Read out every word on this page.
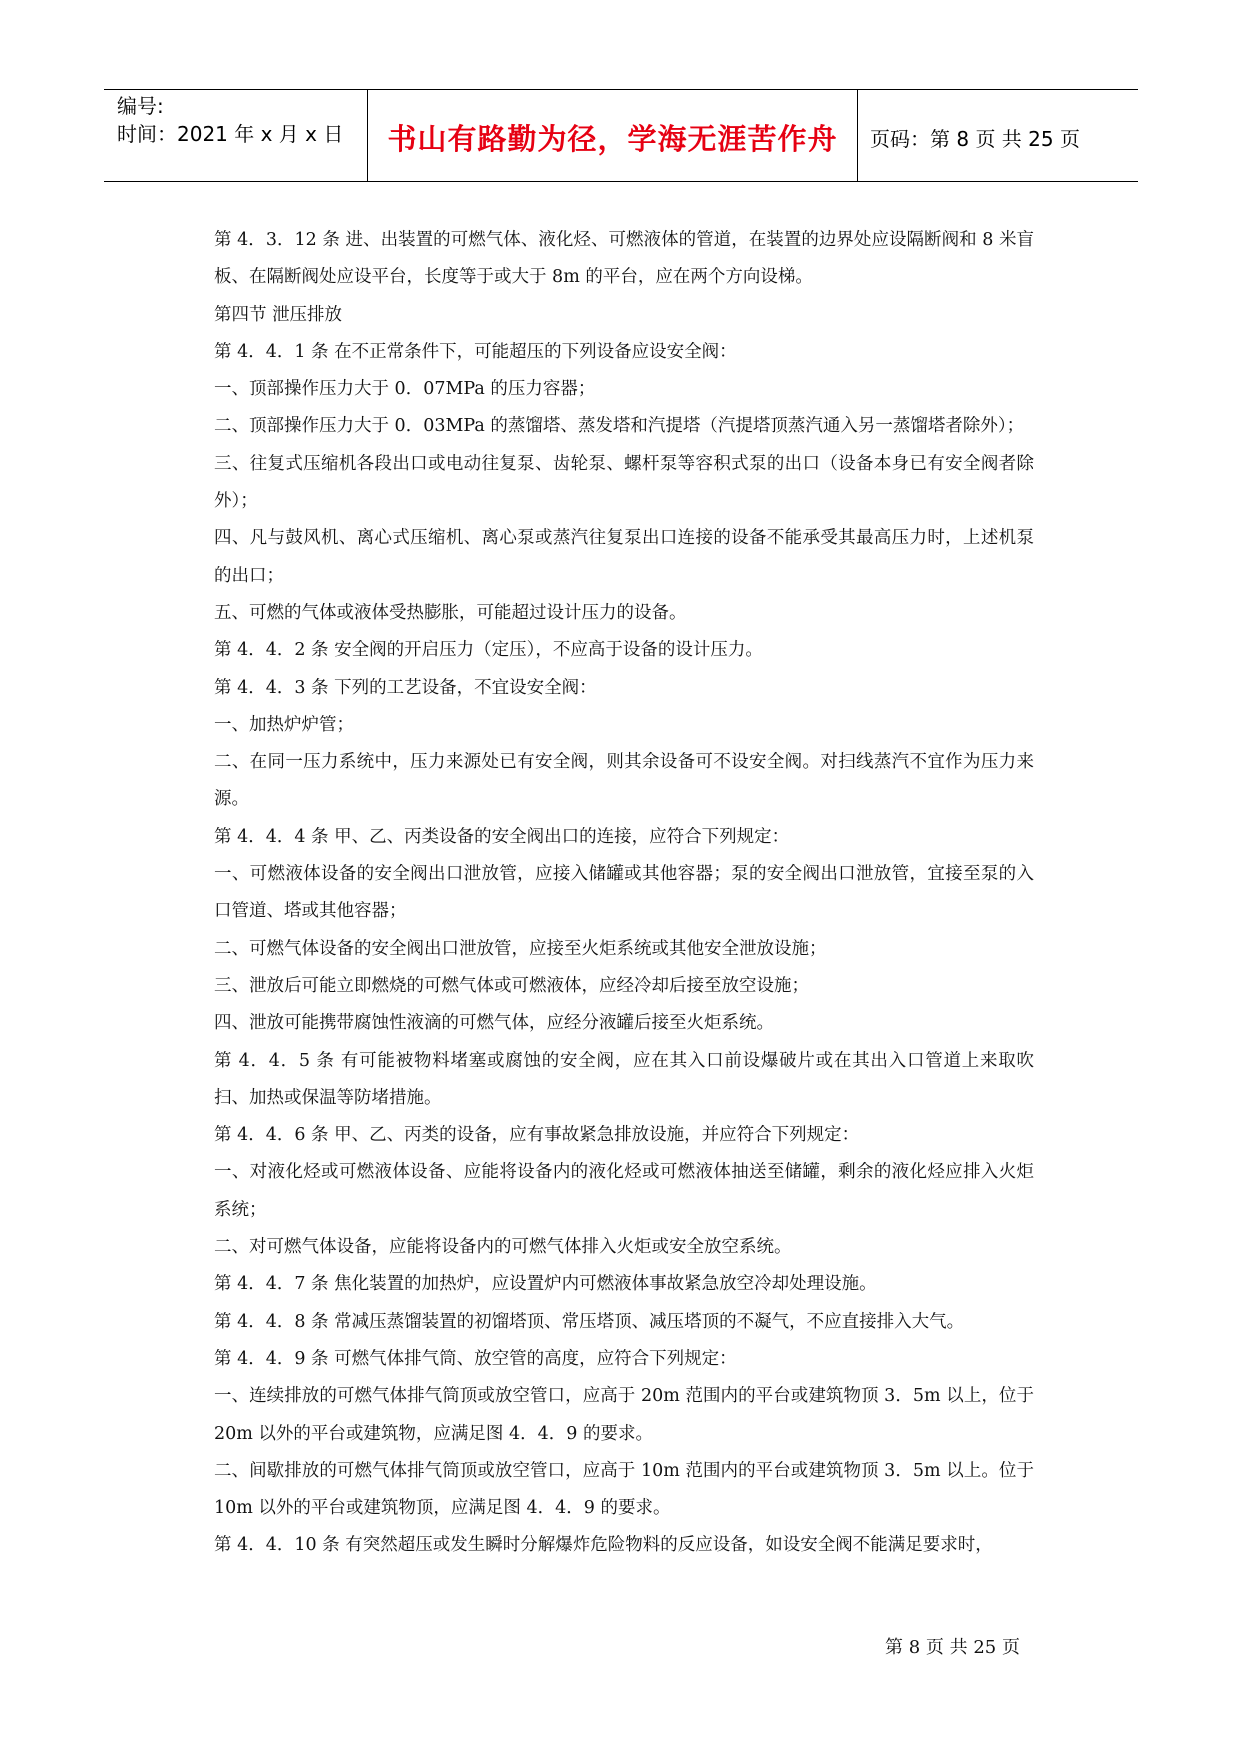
编号:
时间：2021 年 x 月 x 日	书山有路勤为径，学海无涯苦作舟 页码：第 8 页 共 25 页

第 4．3．12 条 进、出装置的可燃气体、液化烃、可燃液体的管道，在装置的边界处应设隔断阀和 8 米盲板、在隔断阀处应设平台，长度等于或大于 8m 的平台，应在两个方向设梯。

第四节 泄压排放

第 4．4．1 条 在不正常条件下，可能超压的下列设备应设安全阀：

一、顶部操作压力大于 0．07MPa 的压力容器；

二、顶部操作压力大于 0．03MPa 的蒸馏塔、蒸发塔和汽提塔（汽提塔顶蒸汽通入另一蒸馏塔者除外）；

三、往复式压缩机各段出口或电动往复泵、齿轮泵、螺杆泵等容积式泵的出口（设备本身已有安全阀者除外）；

四、凡与鼓风机、离心式压缩机、离心泵或蒸汽往复泵出口连接的设备不能承受其最高压力时，上述机泵的出口；

五、可燃的气体或液体受热膨胀，可能超过设计压力的设备。

第 4．4．2 条 安全阀的开启压力（定压），不应高于设备的设计压力。

第 4．4．3 条 下列的工艺设备，不宜设安全阀：

一、加热炉炉管；

二、在同一压力系统中，压力来源处已有安全阀，则其余设备可不设安全阀。对扫线蒸汽不宜作为压力来源。

第 4．4．4 条 甲、乙、丙类设备的安全阀出口的连接，应符合下列规定：

一、可燃液体设备的安全阀出口泄放管，应接入储罐或其他容器；泵的安全阀出口泄放管，宜接至泵的入口管道、塔或其他容器；

二、可燃气体设备的安全阀出口泄放管，应接至火炬系统或其他安全泄放设施；

三、泄放后可能立即燃烧的可燃气体或可燃液体，应经冷却后接至放空设施；

四、泄放可能携带腐蚀性液滴的可燃气体，应经分液罐后接至火炬系统。

第 4．4．5 条 有可能被物料堵塞或腐蚀的安全阀，应在其入口前设爆破片或在其出入口管道上来取吹扫、加热或保温等防堵措施。

第 4．4．6 条 甲、乙、丙类的设备，应有事故紧急排放设施，并应符合下列规定：

一、对液化烃或可燃液体设备、应能将设备内的液化烃或可燃液体抽送至储罐，剩余的液化烃应排入火炬系统；

二、对可燃气体设备，应能将设备内的可燃气体排入火炬或安全放空系统。

第 4．4．7 条 焦化装置的加热炉，应设置炉内可燃液体事故紧急放空冷却处理设施。

第 4．4．8 条 常减压蒸馏装置的初馏塔顶、常压塔顶、减压塔顶的不凝气，不应直接排入大气。

第 4．4．9 条 可燃气体排气筒、放空管的高度，应符合下列规定：

一、连续排放的可燃气体排气筒顶或放空管口，应高于 20m 范围内的平台或建筑物顶 3．5m 以上，位于 20m 以外的平台或建筑物，应满足图 4．4．9 的要求。

二、间歇排放的可燃气体排气筒顶或放空管口，应高于 10m 范围内的平台或建筑物顶 3．5m 以上。位于 10m 以外的平台或建筑物顶，应满足图 4．4．9 的要求。

第 4．4．10 条 有突然超压或发生瞬时分解爆炸危险物料的反应设备，如设安全阀不能满足要求时，

第 8 页 共 25 页
